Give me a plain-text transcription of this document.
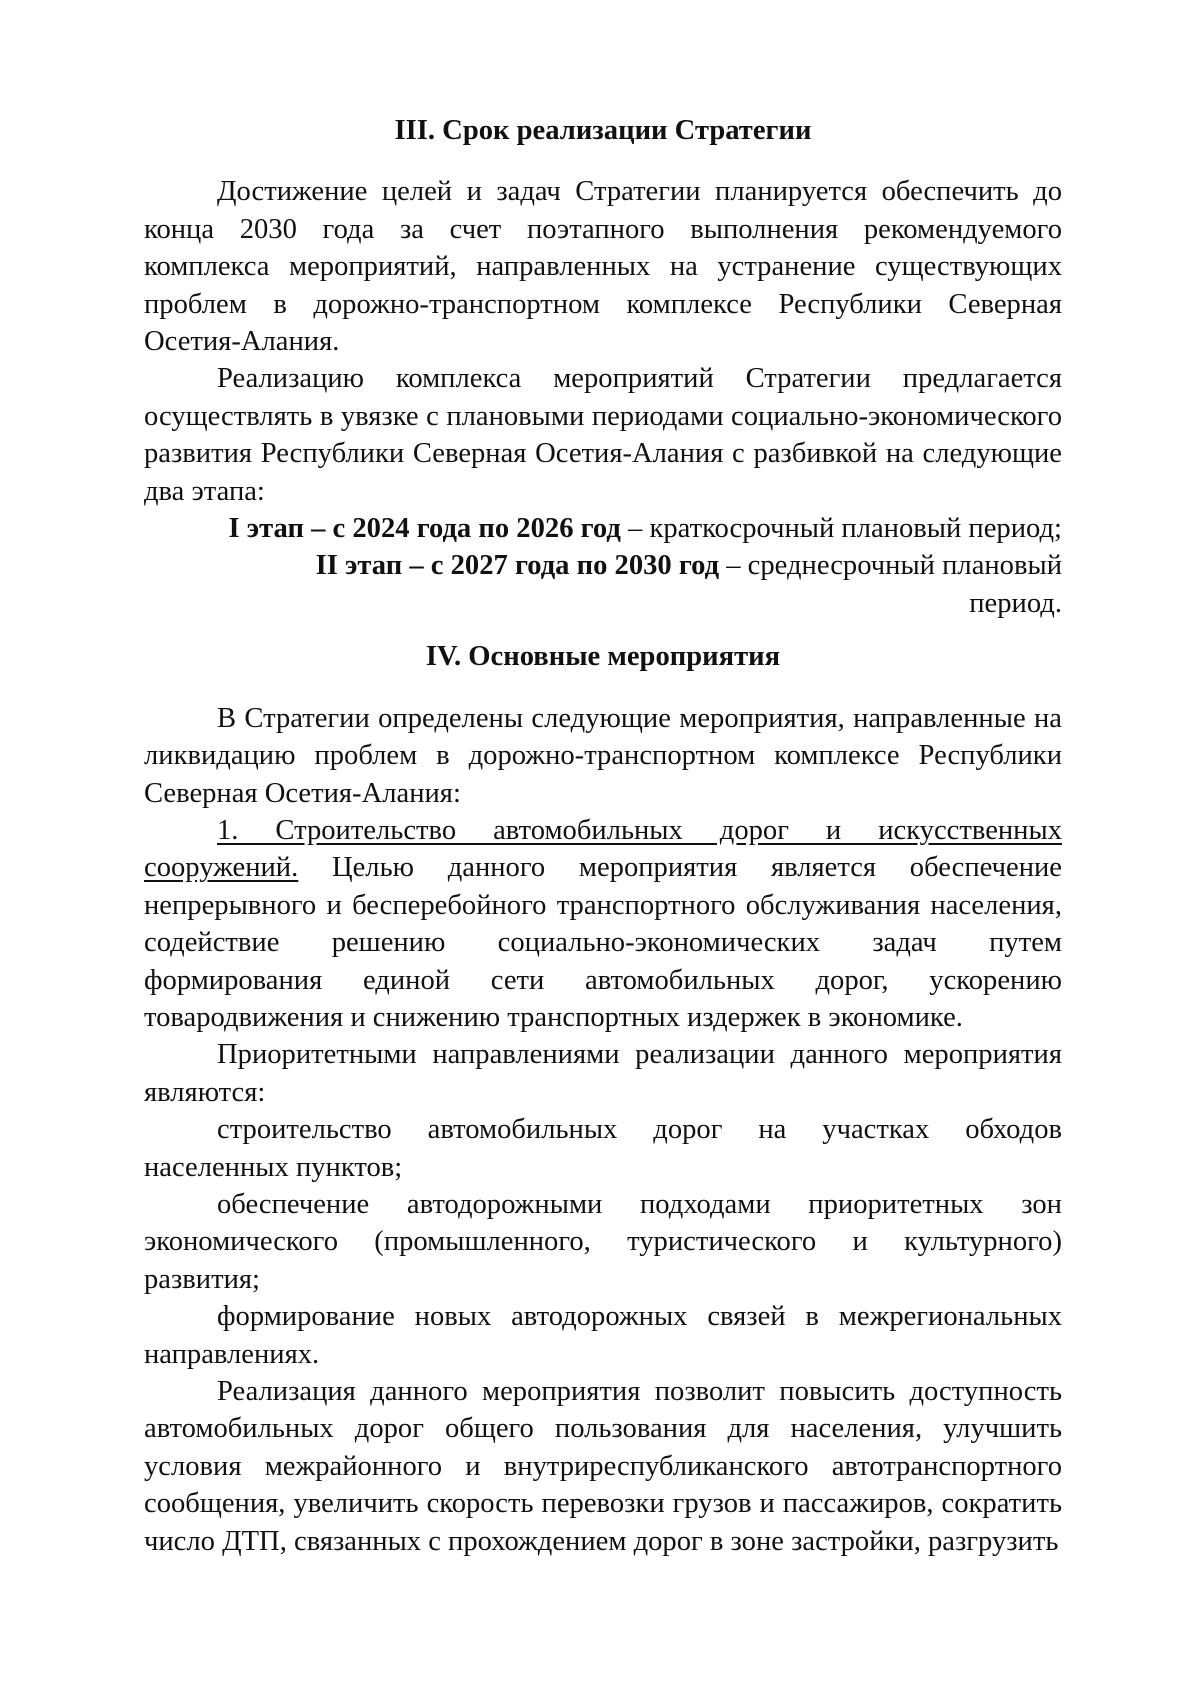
III. Срок реализации Стратегии

Достижение целей и задач Стратегии планируется обеспечить до конца 2030 года за счет поэтапного выполнения рекомендуемого комплекса мероприятий, направленных на устранение существующих проблем в дорожно-транспортном комплексе Республики Северная Осетия-Алания.

Реализацию комплекса мероприятий Стратегии предлагается осуществлять в увязке с плановыми периодами социально-экономического развития Республики Северная Осетия-Алания с разбивкой на следующие два этапа:

I этап – с 2024 года по 2026 год – краткосрочный плановый период;

II этап – с 2027 года по 2030 год – среднесрочный плановый период.

IV. Основные мероприятия

В Стратегии определены следующие мероприятия, направленные на ликвидацию проблем в дорожно-транспортном комплексе Республики Северная Осетия-Алания:

1. Строительство автомобильных дорог и искусственных сооружений. Целью данного мероприятия является обеспечение непрерывного и бесперебойного транспортного обслуживания населения, содействие решению социально-экономических задач путем формирования единой сети автомобильных дорог, ускорению товародвижения и снижению транспортных издержек в экономике.

Приоритетными направлениями реализации данного мероприятия являются:

строительство автомобильных дорог на участках обходов населенных пунктов;

обеспечение автодорожными подходами приоритетных зон экономического (промышленного, туристического и культурного) развития;

формирование новых автодорожных связей в межрегиональных направлениях.

Реализация данного мероприятия позволит повысить доступность автомобильных дорог общего пользования для населения, улучшить условия межрайонного и внутриреспубликанского автотранспортного сообщения, увеличить скорость перевозки грузов и пассажиров, сократить число ДТП, связанных с прохождением дорог в зоне застройки, разгрузить
